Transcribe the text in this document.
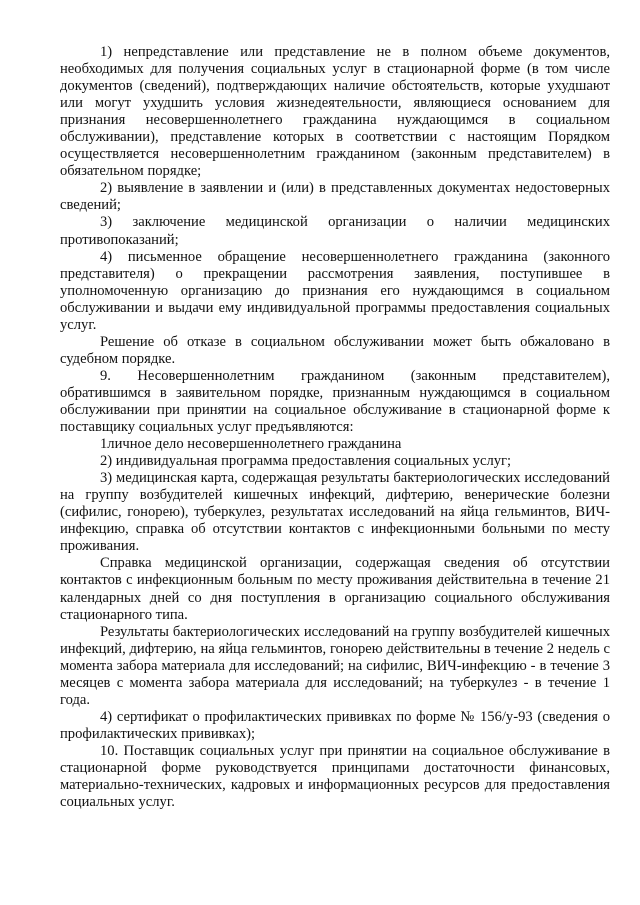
1) непредставление или представление не в полном объеме документов, необходимых для получения социальных услуг в стационарной форме (в том числе документов (сведений), подтверждающих наличие обстоятельств, которые ухудшают или могут ухудшить условия жизнедеятельности, являющиеся основанием для признания несовершеннолетнего гражданина нуждающимся в социальном обслуживании), представление которых в соответствии с настоящим Порядком осуществляется несовершеннолетним гражданином (законным представителем) в обязательном порядке;

2) выявление в заявлении и (или) в представленных документах недостоверных сведений;

3) заключение медицинской организации о наличии медицинских противопоказаний;

4) письменное обращение несовершеннолетнего гражданина (законного представителя) о прекращении рассмотрения заявления, поступившее в уполномоченную организацию до признания его нуждающимся в социальном обслуживании и выдачи ему индивидуальной программы предоставления социальных услуг.

Решение об отказе в социальном обслуживании может быть обжаловано в судебном порядке.

9. Несовершеннолетним гражданином (законным представителем), обратившимся в заявительном порядке, признанным нуждающимся в социальном обслуживании при принятии на социальное обслуживание в стационарной форме к поставщику социальных услуг предъявляются:

1личное дело несовершеннолетнего гражданина

2) индивидуальная программа предоставления социальных услуг;

3) медицинская карта, содержащая результаты бактериологических исследований на группу возбудителей кишечных инфекций, дифтерию, венерические болезни (сифилис, гонорею), туберкулез, результатах исследований на яйца гельминтов, ВИЧ-инфекцию, справка об отсутствии контактов с инфекционными больными по месту проживания.

Справка медицинской организации, содержащая сведения об отсутствии контактов с инфекционным больным по месту проживания действительна в течение 21 календарных дней со дня поступления в организацию социального обслуживания стационарного типа.

Результаты бактериологических исследований на группу возбудителей кишечных инфекций, дифтерию, на яйца гельминтов, гонорею действительны в течение 2 недель с момента забора материала для исследований; на сифилис, ВИЧ-инфекцию - в течение 3 месяцев с момента забора материала для исследований; на туберкулез - в течение 1 года.

4) сертификат о профилактических прививках по форме № 156/у-93 (сведения о профилактических прививках);

10. Поставщик социальных услуг при принятии на социальное обслуживание в стационарной форме руководствуется принципами достаточности финансовых, материально-технических, кадровых и информационных ресурсов для предоставления социальных услуг.
